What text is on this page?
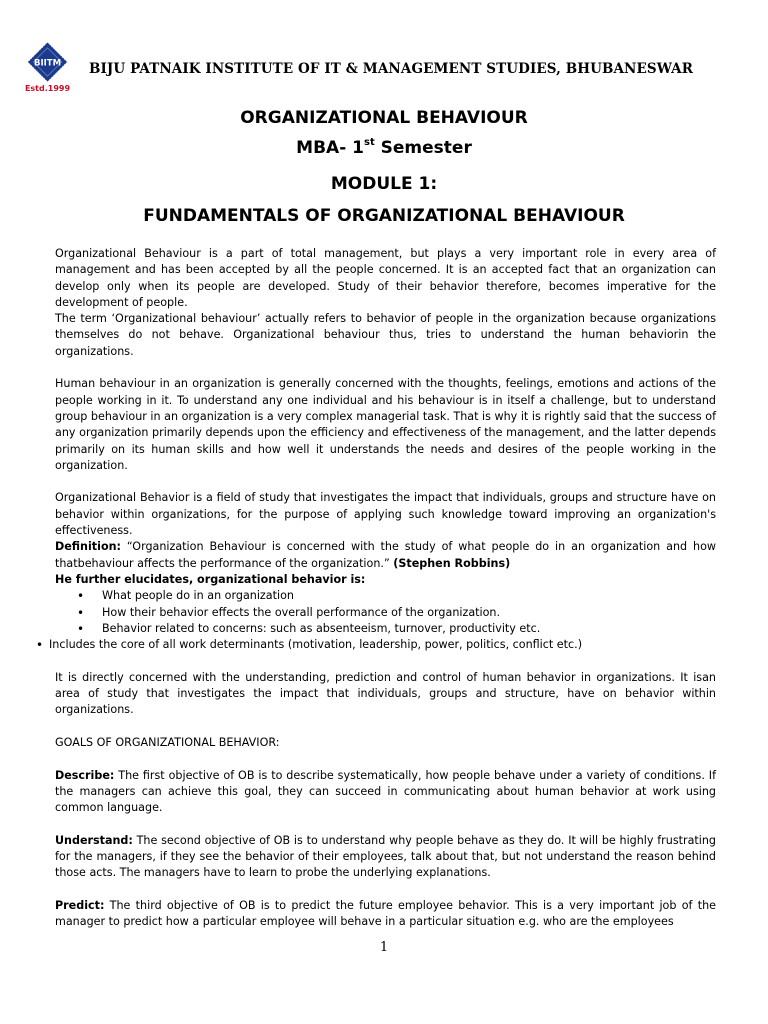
BIITM
Estd.1999
BIJU PATNAIK INSTITUTE OF IT & MANAGEMENT STUDIES, BHUBANESWAR
ORGANIZATIONAL BEHAVIOUR
MBA- 1st Semester
MODULE 1:
FUNDAMENTALS OF ORGANIZATIONAL BEHAVIOUR

Organizational Behaviour is a part of total management, but plays a very important role in every area of management and has been accepted by all the people concerned. It is an accepted fact that an organization can develop only when its people are developed. Study of their behavior therefore, becomes imperative for the development of people.

The term ‘Organizational behaviour’ actually refers to behavior of people in the organization because organizations themselves do not behave. Organizational behaviour thus, tries to understand the human behaviorin the organizations.

Human behaviour in an organization is generally concerned with the thoughts, feelings, emotions and actions of the people working in it. To understand any one individual and his behaviour is in itself a challenge, but to understand group behaviour in an organization is a very complex managerial task. That is why it is rightly said that the success of any organization primarily depends upon the efficiency and effectiveness of the management, and the latter depends primarily on its human skills and how well it understands the needs and desires of the people working in the organization.

Organizational Behavior is a field of study that investigates the impact that individuals, groups and structure have on behavior within organizations, for the purpose of applying such knowledge toward improving an organization's effectiveness.

Definition: “Organization Behaviour is concerned with the study of what people do in an organization and how thatbehaviour affects the performance of the organization.” (Stephen Robbins)

He further elucidates, organizational behavior is:

• What people do in an organization
• How their behavior effects the overall performance of the organization.
• Behavior related to concerns: such as absenteeism, turnover, productivity etc.
• Includes the core of all work determinants (motivation, leadership, power, politics, conflict etc.)

It is directly concerned with the understanding, prediction and control of human behavior in organizations. It isan area of study that investigates the impact that individuals, groups and structure, have on behavior within organizations.

GOALS OF ORGANIZATIONAL BEHAVIOR:

Describe: The first objective of OB is to describe systematically, how people behave under a variety of conditions. If the managers can achieve this goal, they can succeed in communicating about human behavior at work using common language.

Understand: The second objective of OB is to understand why people behave as they do. It will be highly frustrating for the managers, if they see the behavior of their employees, talk about that, but not understand the reason behind those acts. The managers have to learn to probe the underlying explanations.

Predict: The third objective of OB is to predict the future employee behavior. This is a very important job of the manager to predict how a particular employee will behave in a particular situation e.g. who are the employees

1
